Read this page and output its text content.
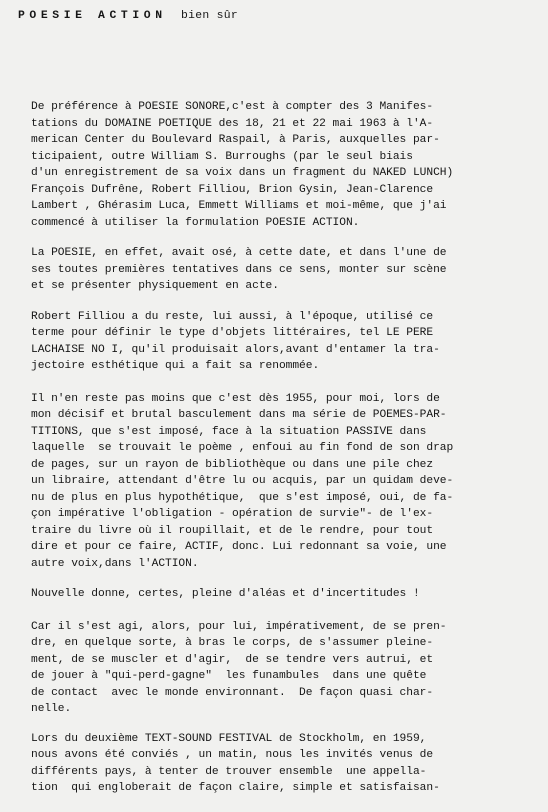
POESIE ACTION bien sûr
De préférence à POESIE SONORE,c'est à compter des 3 Manifes-
tations du DOMAINE POETIQUE des 18, 21 et 22 mai 1963 à l'A-
merican Center du Boulevard Raspail, à Paris, auxquelles par-
ticipaient, outre William S. Burroughs (par le seul biais
d'un enregistrement de sa voix dans un fragment du NAKED LUNCH)
François Dufrêne, Robert Filliou, Brion Gysin, Jean-Clarence
Lambert , Ghérasim Luca, Emmett Williams et moi-même, que j'ai
commencé à utiliser la formulation POESIE ACTION.
La POESIE, en effet, avait osé, à cette date, et dans l'une de
ses toutes premières tentatives dans ce sens, monter sur scène
et se présenter physiquement en acte.
Robert Filliou a du reste, lui aussi, à l'époque, utilisé ce
terme pour définir le type d'objets littéraires, tel LE PERE
LACHAISE NO I, qu'il produisait alors,avant d'entamer la tra-
jectoire esthétique qui a fait sa renommée.
Il n'en reste pas moins que c'est dès 1955, pour moi, lors de
mon décisif et brutal basculement dans ma série de POEMES-PAR-
TITIONS, que s'est imposé, face à la situation PASSIVE dans
laquelle  se trouvait le poème , enfoui au fin fond de son drap
de pages, sur un rayon de bibliothèque ou dans une pile chez
un libraire, attendant d'être lu ou acquis, par un quidam deve-
nu de plus en plus hypothétique,  que s'est imposé, oui, de fa-
çon impérative l'obligation - opération de survie"- de l'ex-
traire du livre où il roupillait, et de le rendre, pour tout
dire et pour ce faire, ACTIF, donc. Lui redonnant sa voie, une
autre voix,dans l'ACTION.
Nouvelle donne, certes, pleine d'aléas et d'incertitudes !
Car il s'est agi, alors, pour lui, impérativement, de se pren-
dre, en quelque sorte, à bras le corps, de s'assumer pleine-
ment, de se muscler et d'agir,  de se tendre vers autrui, et
de jouer à "qui-perd-gagne"  les funambules  dans une quête
de contact  avec le monde environnant.  De façon quasi char-
nelle.
Lors du deuxième TEXT-SOUND FESTIVAL de Stockholm, en 1959,
nous avons été conviés , un matin, nous les invités venus de
différents pays, à tenter de trouver ensemble  une appella-
tion  qui engloberait de façon claire, simple et satisfaisan-
